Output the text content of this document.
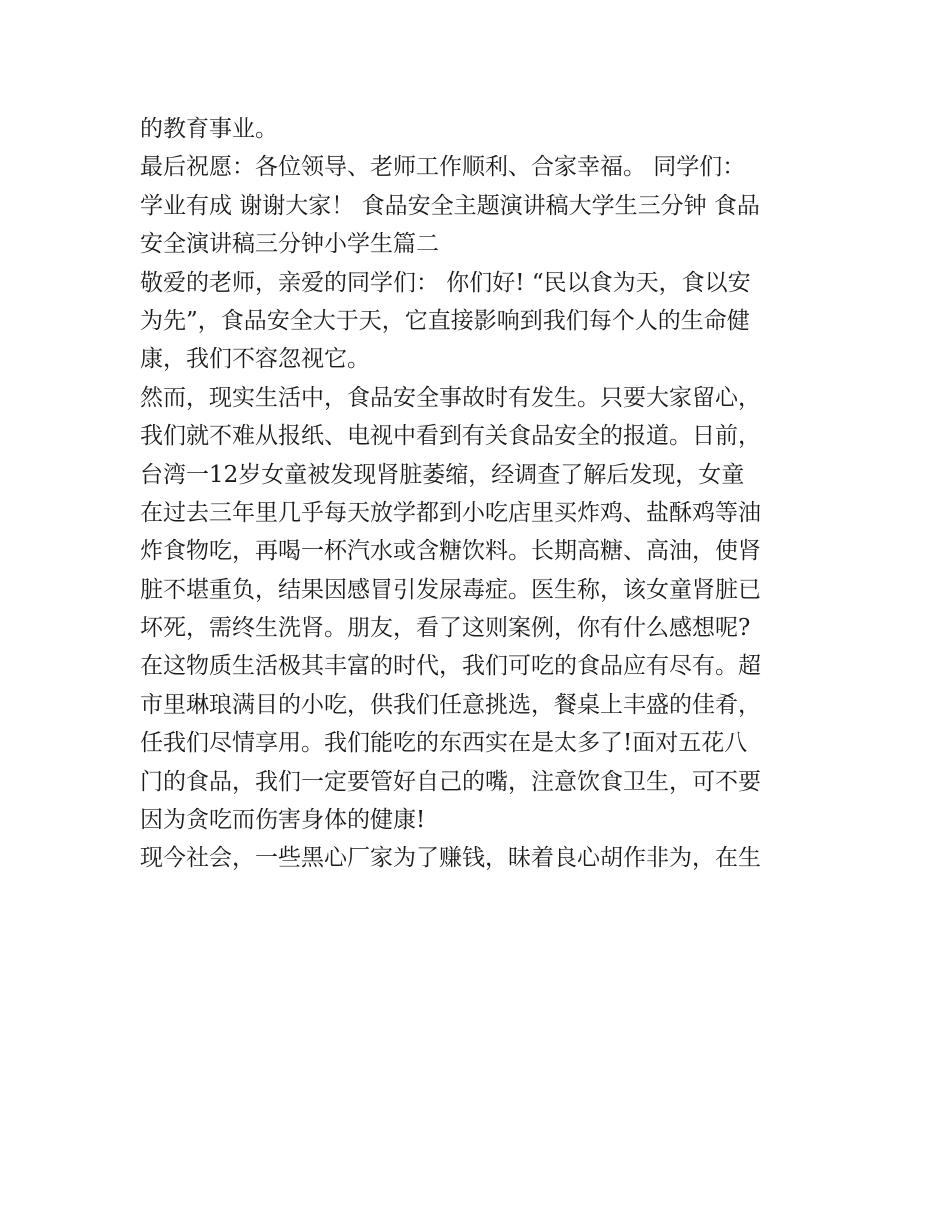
的教育事业。
最后祝愿：各位领导、老师工作顺利、合家幸福。 同学们：
学业有成 谢谢大家！ 食品安全主题演讲稿大学生三分钟 食品
安全演讲稿三分钟小学生篇二
敬爱的老师，亲爱的同学们： 你们好! “民以食为天，食以安
为先”，食品安全大于天，它直接影响到我们每个人的生命健
康，我们不容忽视它。
然而，现实生活中，食品安全事故时有发生。只要大家留心，
我们就不难从报纸、电视中看到有关食品安全的报道。日前，
台湾一12岁女童被发现肾脏萎缩，经调查了解后发现，女童
在过去三年里几乎每天放学都到小吃店里买炸鸡、盐酥鸡等油
炸食物吃，再喝一杯汽水或含糖饮料。长期高糖、高油，使肾
脏不堪重负，结果因感冒引发尿毒症。医生称，该女童肾脏已
坏死，需终生洗肾。朋友，看了这则案例，你有什么感想呢?
在这物质生活极其丰富的时代，我们可吃的食品应有尽有。超
市里琳琅满目的小吃，供我们任意挑选，餐桌上丰盛的佳肴，
任我们尽情享用。我们能吃的东西实在是太多了!面对五花八
门的食品，我们一定要管好自己的嘴，注意饮食卫生，可不要
因为贪吃而伤害身体的健康!
现今社会，一些黑心厂家为了赚钱，昧着良心胡作非为，在生
